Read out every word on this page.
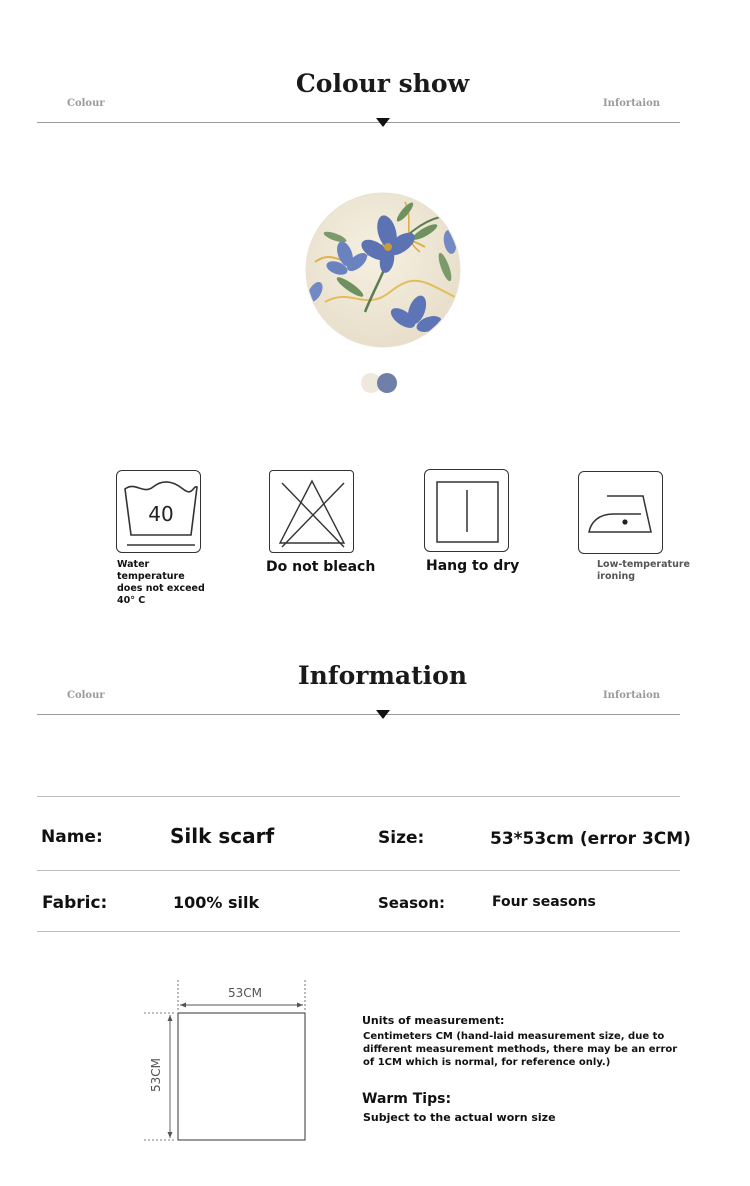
Colour show
Colour	Infortaion
40
Water temperature does not exceed 40° C
Do not bleach	Hang to dry	Low-temperature ironing
Information
Colour	Infortaion
Name:	Silk scarf	Size:	53*53cm (error 3CM)
Fabric:	100% silk	Season:	Four seasons
53CM
53CM
Units of measurement:
Centimeters CM (hand-laid measurement size, due to different measurement methods, there may be an error of 1CM which is normal, for reference only.)
Warm Tips:
Subject to the actual worn size
